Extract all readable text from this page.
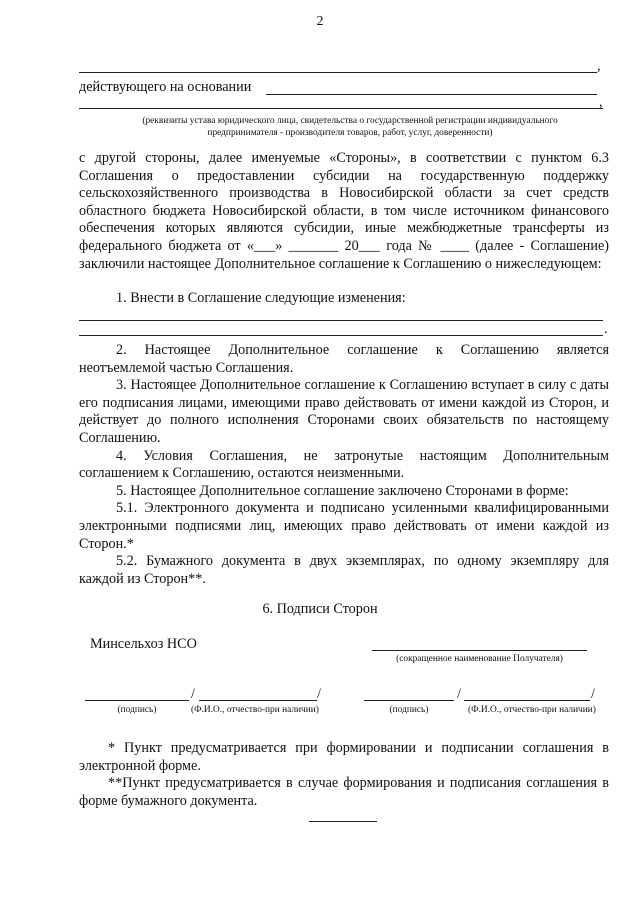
2
,
действующего на основании
,
(реквизиты устава юридического лица, свидетельства о государственной регистрации индивидуального
предпринимателя - производителя товаров, работ, услуг, доверенности)

с другой стороны, далее именуемые «Стороны», в соответствии с пунктом 6.3 Соглашения о предоставлении субсидии на государственную поддержку сельскохозяйственного производства в Новосибирской области за счет средств областного бюджета Новосибирской области, в том числе источником финансового обеспечения которых являются субсидии, иные межбюджетные трансферты из федерального бюджета от «___» _______ 20___ года № ____ (далее - Соглашение) заключили настоящее Дополнительное соглашение к Соглашению о нижеследующем:

1. Внести в Соглашение следующие изменения:

.

2. Настоящее Дополнительное соглашение к Соглашению является неотъемлемой частью Соглашения.

3. Настоящее Дополнительное соглашение к Соглашению вступает в силу с даты его подписания лицами, имеющими право действовать от имени каждой из Сторон, и действует до полного исполнения Сторонами своих обязательств по настоящему Соглашению.

4. Условия Соглашения, не затронутые настоящим Дополнительным соглашением к Соглашению, остаются неизменными.

5. Настоящее Дополнительное соглашение заключено Сторонами в форме:

5.1. Электронного документа и подписано усиленными квалифицированными электронными подписями лиц, имеющих право действовать от имени каждой из Сторон.*

5.2. Бумажного документа в двух экземплярах, по одному экземпляру для каждой из Сторон**.

6. Подписи Сторон
Минсельхоз НСО
(сокращенное наименование Получателя)
/	/
(подпись)	(Ф.И.О., отчество-при наличии)
/	/
(подпись)	(Ф.И.О., отчество-при наличии)

* Пункт предусматривается при формировании и подписании соглашения в электронной форме.

**Пункт предусматривается в случае формирования и подписания соглашения в форме бумажного документа.
